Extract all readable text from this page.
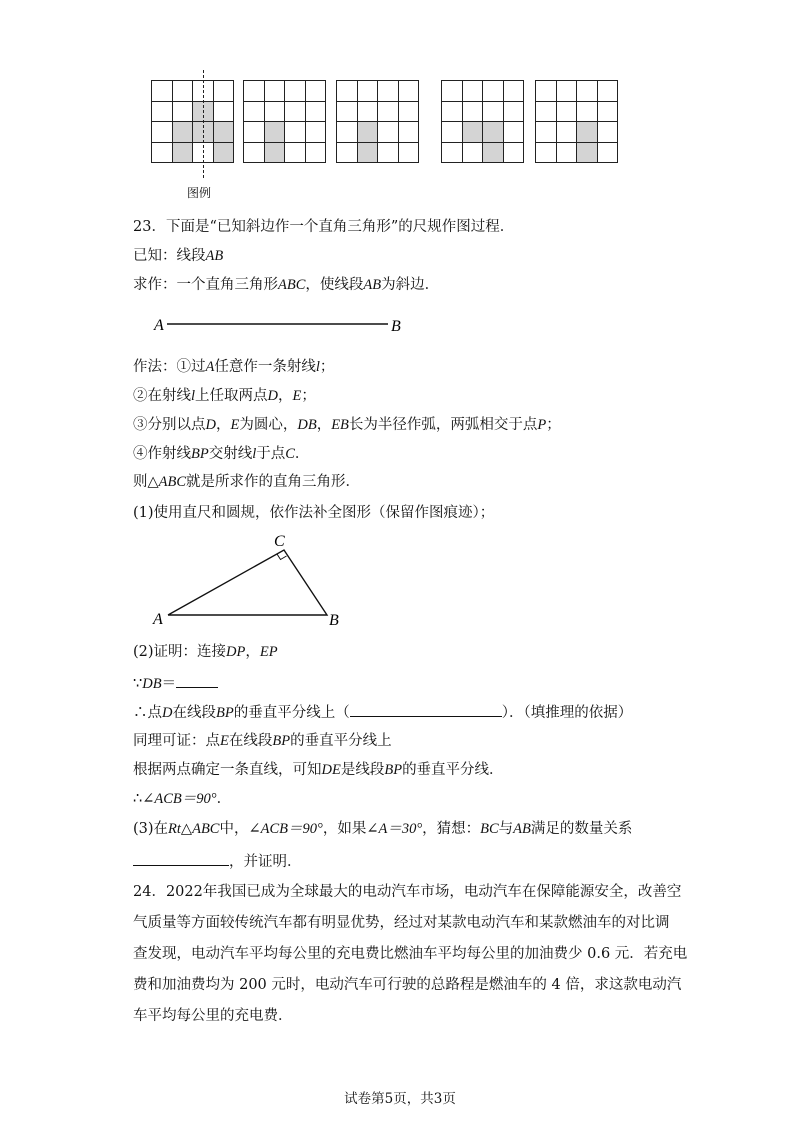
图例
23．下面是“已知斜边作一个直角三角形”的尺规作图过程．
已知：线段AB
求作：一个直角三角形ABC，使线段AB为斜边．
A	B
作法：①过A任意作一条射线l；
②在射线l上任取两点D，E；
③分别以点D，E为圆心，DB，EB长为半径作弧，两弧相交于点P；
④作射线BP交射线l于点C．
则△ABC就是所求作的直角三角形．
(1)使用直尺和圆规，依作法补全图形（保留作图痕迹）；
A	B
C
(2)证明：连接DP，EP
∵DB＝
∴点D在线段BP的垂直平分线上（	）．（填推理的依据）
同理可证：点E在线段BP的垂直平分线上
根据两点确定一条直线，可知DE是线段BP的垂直平分线．
∴∠ACB＝90°．
(3)在Rt△ABC中，∠ACB＝90°，如果∠A＝30°，猜想：BC与AB满足的数量关系
，并证明．
24．2022年我国已成为全球最大的电动汽车市场，电动汽车在保障能源安全，改善空
气质量等方面较传统汽车都有明显优势，经过对某款电动汽车和某款燃油车的对比调
查发现，电动汽车平均每公里的充电费比燃油车平均每公里的加油费少 0.6 元．若充电
费和加油费均为 200 元时，电动汽车可行驶的总路程是燃油车的 4 倍，求这款电动汽
车平均每公里的充电费．
试卷第5页，共3页
